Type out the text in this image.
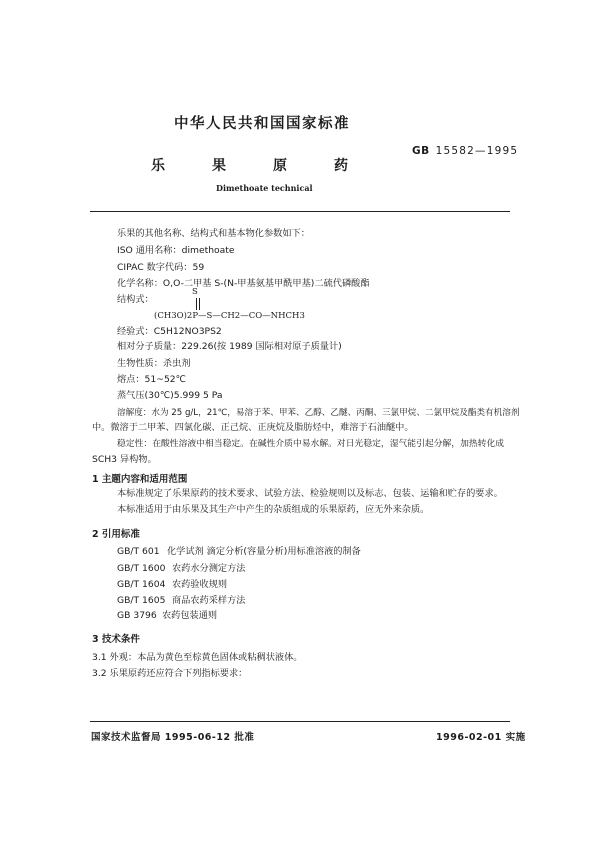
中华人民共和国国家标准
GB 15582—1995
乐	果	原	药
Dimethoate technical
乐果的其他名称、结构式和基本物化参数如下：
ISO 通用名称：dimethoate
CIPAC 数字代码：59
化学名称：O,O-二甲基 S-(N-甲基氨基甲酰甲基)二硫代磷酸酯
结构式：
S
(CH3O)2P—S—CH2—CO—NHCH3
经验式：C5H12NO3PS2
相对分子质量：229.26(按 1989 国际相对原子质量计)
生物性质：杀虫剂
熔点：51~52℃
蒸气压(30℃)5.999 5 Pa
溶解度：水为 25 g/L，21℃，易溶于苯、甲苯、乙醇、乙醚、丙酮、三氯甲烷、二氯甲烷及酯类有机溶剂
中。微溶于二甲苯、四氯化碳、正己烷、正庚烷及脂肪烃中，难溶于石油醚中。
稳定性：在酸性溶液中相当稳定。在碱性介质中易水解。对日光稳定，湿气能引起分解，加热转化成
SCH3 异构物。
1 主题内容和适用范围
本标准规定了乐果原药的技术要求、试验方法、检验规则以及标志、包装、运输和贮存的要求。
本标准适用于由乐果及其生产中产生的杂质组成的乐果原药，应无外来杂质。
2 引用标准
GB/T 601 化学试剂 滴定分析(容量分析)用标准溶液的制备
GB/T 1600 农药水分测定方法
GB/T 1604 农药验收规则
GB/T 1605 商品农药采样方法
GB 3796 农药包装通则
3 技术条件
3.1 外观：本品为黄色至棕黄色固体或粘稠状液体。
3.2 乐果原药还应符合下列指标要求：
国家技术监督局 1995-06-12 批准	1996-02-01 实施
